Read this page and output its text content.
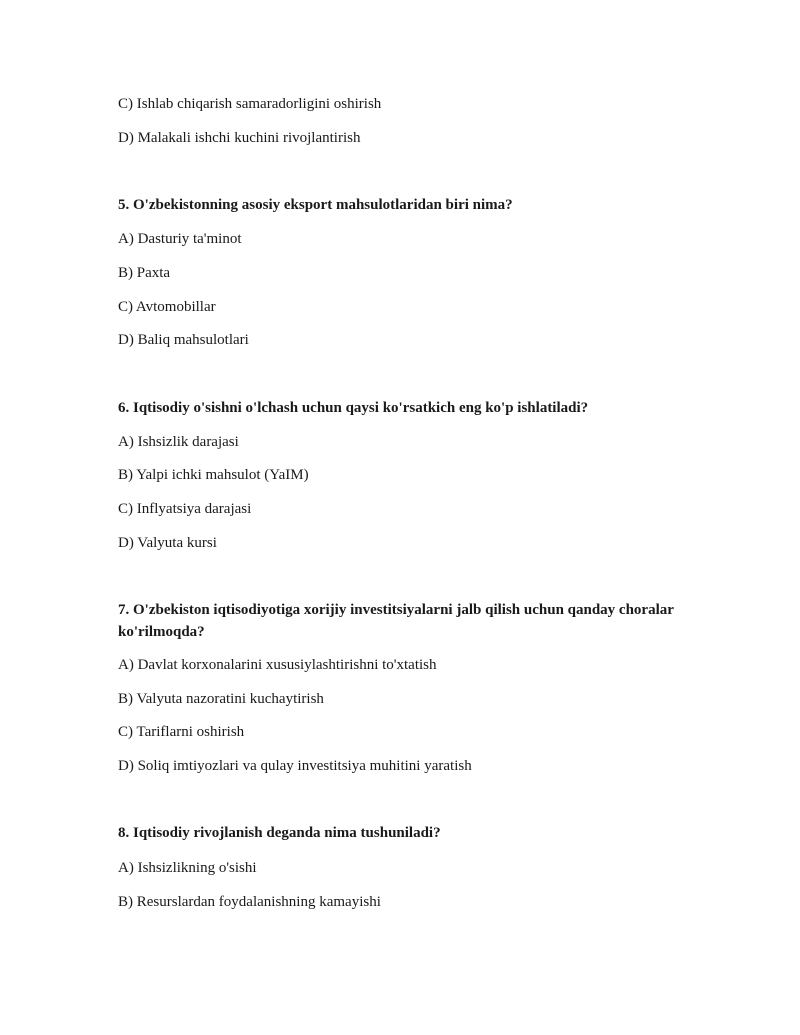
C) Ishlab chiqarish samaradorligini oshirish
D) Malakali ishchi kuchini rivojlantirish
5. O'zbekistonning asosiy eksport mahsulotlaridan biri nima?
A) Dasturiy ta'minot
B) Paxta
C) Avtomobillar
D) Baliq mahsulotlari
6. Iqtisodiy o'sishni o'lchash uchun qaysi ko'rsatkich eng ko'p ishlatiladi?
A) Ishsizlik darajasi
B) Yalpi ichki mahsulot (YaIM)
C) Inflyatsiya darajasi
D) Valyuta kursi
7. O'zbekiston iqtisodiyotiga xorijiy investitsiyalarni jalb qilish uchun qanday choralar ko'rilmoqda?
A) Davlat korxonalarini xususiylashtirishni to'xtatish
B) Valyuta nazoratini kuchaytirish
C) Tariflarni oshirish
D) Soliq imtiyozlari va qulay investitsiya muhitini yaratish
8. Iqtisodiy rivojlanish deganda nima tushuniladi?
A) Ishsizlikning o'sishi
B) Resurslardan foydalanishning kamayishi
